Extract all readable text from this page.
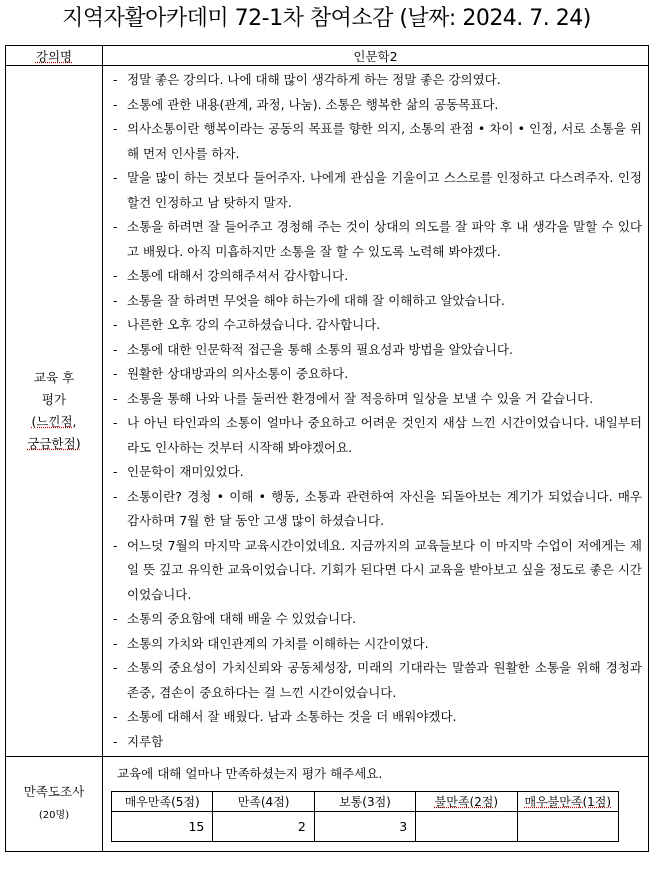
지역자활아카데미 72-1차 참여소감 (날짜: 2024. 7. 24)
강의명	인문학2

교육 후
평가
(느낀점,
궁금한점)

- 정말 좋은 강의다. 나에 대해 많이 생각하게 하는 정말 좋은 강의였다.
- 소통에 관한 내용(관계, 과정, 나눔). 소통은 행복한 삶의 공동목표다.
- 의사소통이란 행복이라는 공동의 목표를 향한 의지, 소통의 관점 • 차이 • 인정, 서로 소통을 위해 먼저 인사를 하자.
- 말을 많이 하는 것보다 들어주자. 나에게 관심을 기울이고 스스로를 인정하고 다스려주자. 인정할건 인정하고 남 탓하지 말자.
- 소통을 하려면 잘 들어주고 경청해 주는 것이 상대의 의도를 잘 파악 후 내 생각을 말할 수 있다고 배웠다. 아직 미흡하지만 소통을 잘 할 수 있도록 노력해 봐야겠다.
- 소통에 대해서 강의해주셔서 감사합니다.
- 소통을 잘 하려면 무엇을 해야 하는가에 대해 잘 이해하고 알았습니다.
- 나른한 오후 강의 수고하셨습니다. 감사합니다.
- 소통에 대한 인문학적 접근을 통해 소통의 필요성과 방법을 알았습니다.
- 원활한 상대방과의 의사소통이 중요하다.
- 소통을 통해 나와 나를 둘러싼 환경에서 잘 적응하며 일상을 보낼 수 있을 거 같습니다.
- 나 아닌 타인과의 소통이 얼마나 중요하고 어려운 것인지 새삼 느낀 시간이었습니다. 내일부터라도 인사하는 것부터 시작해 봐야겠어요.
- 인문학이 재미있었다.
- 소통이란? 경청 • 이해 • 행동, 소통과 관련하여 자신을 되돌아보는 계기가 되었습니다. 매우 감사하며 7월 한 달 동안 고생 많이 하셨습니다.
- 어느덧 7월의 마지막 교육시간이었네요. 지금까지의 교육들보다 이 마지막 수업이 저에게는 제일 뜻 깊고 유익한 교육이었습니다. 기회가 된다면 다시 교육을 받아보고 싶을 정도로 좋은 시간이었습니다.
- 소통의 중요함에 대해 배울 수 있었습니다.
- 소통의 가치와 대인관계의 가치를 이해하는 시간이었다.
- 소통의 중요성이 가치신뢰와 공동체성장, 미래의 기대라는 말씀과 원활한 소통을 위해 경청과 존중, 겸손이 중요하다는 걸 느낀 시간이었습니다.
- 소통에 대해서 잘 배웠다. 남과 소통하는 것을 더 배워야겠다.
- 지루함

만족도조사
(20명)

교육에 대해 얼마나 만족하셨는지 평가 해주세요.
매우만족(5점)	만족(4점)	보통(3점)	불만족(2점)	매우불만족(1점)
15	2	3		
